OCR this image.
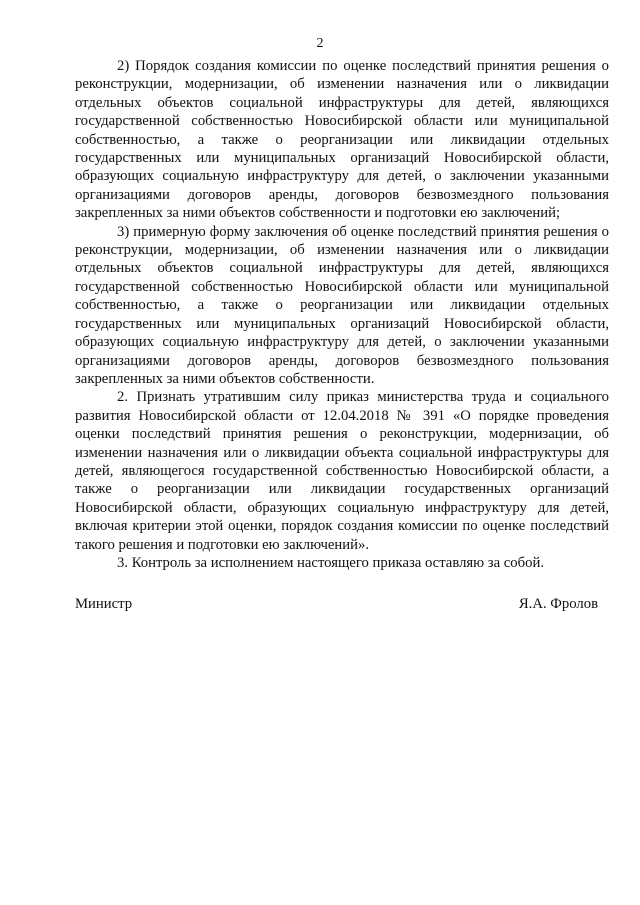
2

2) Порядок создания комиссии по оценке последствий принятия решения о реконструкции, модернизации, об изменении назначения или о ликвидации отдельных объектов социальной инфраструктуры для детей, являющихся государственной собственностью Новосибирской области или муниципальной собственностью, а также о реорганизации или ликвидации отдельных государственных или муниципальных организаций Новосибирской области, образующих социальную инфраструктуру для детей, о заключении указанными организациями договоров аренды, договоров безвозмездного пользования закрепленных за ними объектов собственности и подготовки ею заключений;

3) примерную форму заключения об оценке последствий принятия решения о реконструкции, модернизации, об изменении назначения или о ликвидации отдельных объектов социальной инфраструктуры для детей, являющихся государственной собственностью Новосибирской области или муниципальной собственностью, а также о реорганизации или ликвидации отдельных государственных или муниципальных организаций Новосибирской области, образующих социальную инфраструктуру для детей, о заключении указанными организациями договоров аренды, договоров безвозмездного пользования закрепленных за ними объектов собственности.

2. Признать утратившим силу приказ министерства труда и социального развития Новосибирской области от 12.04.2018 № 391 «О порядке проведения оценки последствий принятия решения о реконструкции, модернизации, об изменении назначения или о ликвидации объекта социальной инфраструктуры для детей, являющегося государственной собственностью Новосибирской области, а также о реорганизации или ликвидации государственных организаций Новосибирской области, образующих социальную инфраструктуру для детей, включая критерии этой оценки, порядок создания комиссии по оценке последствий такого решения и подготовки ею заключений».

3. Контроль за исполнением настоящего приказа оставляю за собой.

Министр	Я.А. Фролов
